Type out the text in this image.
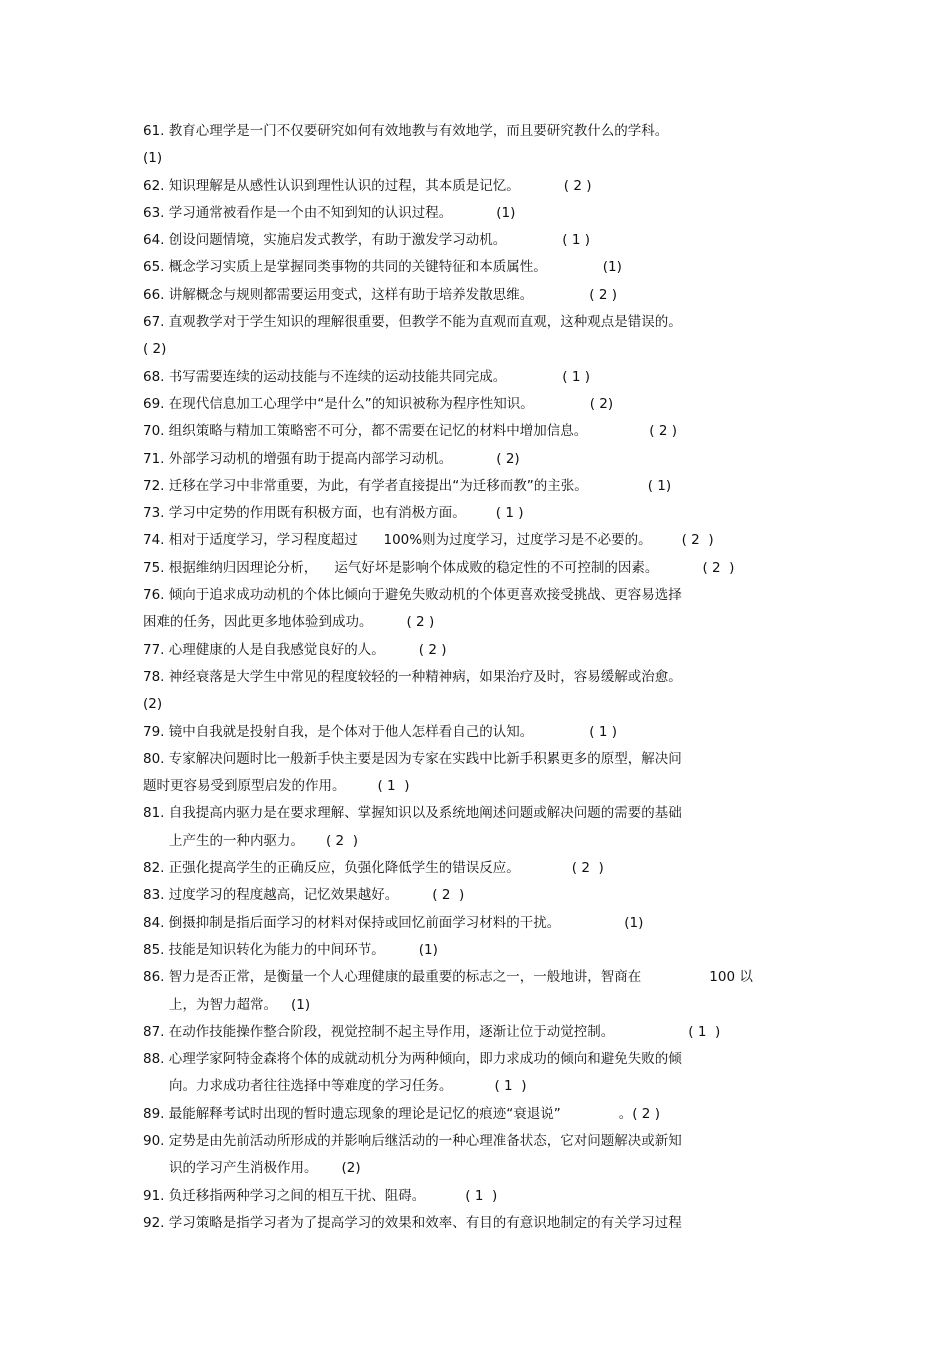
61. 教育心理学是一门不仅要研究如何有效地教与有效地学，而且要研究教什么的学科。
(1)
62. 知识理解是从感性认识到理性认识的过程，其本质是记忆。	( 2 )
63. 学习通常被看作是一个由不知到知的认识过程。	(1)
64. 创设问题情境，实施启发式教学，有助于激发学习动机。	( 1 )
65. 概念学习实质上是掌握同类事物的共同的关键特征和本质属性。	(1)
66. 讲解概念与规则都需要运用变式，这样有助于培养发散思维。	( 2 )
67. 直观教学对于学生知识的理解很重要，但教学不能为直观而直观，这种观点是错误的。
( 2)
68. 书写需要连续的运动技能与不连续的运动技能共同完成。	( 1 )
69. 在现代信息加工心理学中“是什么”的知识被称为程序性知识。	( 2)
70. 组织策略与精加工策略密不可分，都不需要在记忆的材料中增加信息。	( 2 )
71. 外部学习动机的增强有助于提高内部学习动机。	( 2)
72. 迁移在学习中非常重要，为此，有学者直接提出“为迁移而教”的主张。	( 1)
73. 学习中定势的作用既有积极方面，也有消极方面。 ( 1 )
74. 相对于适度学习，学习程度超过      100%则为过度学习，过度学习是不必要的。 ( 2  )
75. 根据维纳归因理论分析，    运气好坏是影响个体成败的稳定性的不可控制的因素。	( 2  )
76. 倾向于追求成功动机的个体比倾向于避免失败动机的个体更喜欢接受挑战、更容易选择
困难的任务，因此更多地体验到成功。	( 2 )
77. 心理健康的人是自我感觉良好的人。	( 2 )
78. 神经衰落是大学生中常见的程度较轻的一种精神病，如果治疗及时，容易缓解或治愈。
(2)
79. 镜中自我就是投射自我，是个体对于他人怎样看自己的认知。	( 1 )
80. 专家解决问题时比一般新手快主要是因为专家在实践中比新手积累更多的原型，解决问
题时更容易受到原型启发的作用。 ( 1  )
81. 自我提高内驱力是在要求理解、掌握知识以及系统地阐述问题或解决问题的需要的基础
上产生的一种内驱力。 ( 2  )
82. 正强化提高学生的正确反应，负强化降低学生的错误反应。	( 2  )
83. 过度学习的程度越高，记忆效果越好。	( 2  )
84. 倒摄抑制是指后面学习的材料对保持或回忆前面学习材料的干扰。	(1)
85. 技能是知识转化为能力的中间环节。	(1)
86. 智力是否正常，是衡量一个人心理健康的最重要的标志之一，一般地讲，智商在	100 以
上，为智力超常。 (1)
87. 在动作技能操作整合阶段，视觉控制不起主导作用，逐渐让位于动觉控制。	( 1  )
88. 心理学家阿特金森将个体的成就动机分为两种倾向，即力求成功的倾向和避免失败的倾
向。力求成功者往往选择中等难度的学习任务。	( 1  )
89. 最能解释考试时出现的暂时遗忘现象的理论是记忆的痕迹“衰退说”	。( 2 )
90. 定势是由先前活动所形成的并影响后继活动的一种心理准备状态，它对问题解决或新知
识的学习产生消极作用。 (2)
91. 负迁移指两种学习之间的相互干扰、阻碍。	( 1  )
92. 学习策略是指学习者为了提高学习的效果和效率、有目的有意识地制定的有关学习过程
